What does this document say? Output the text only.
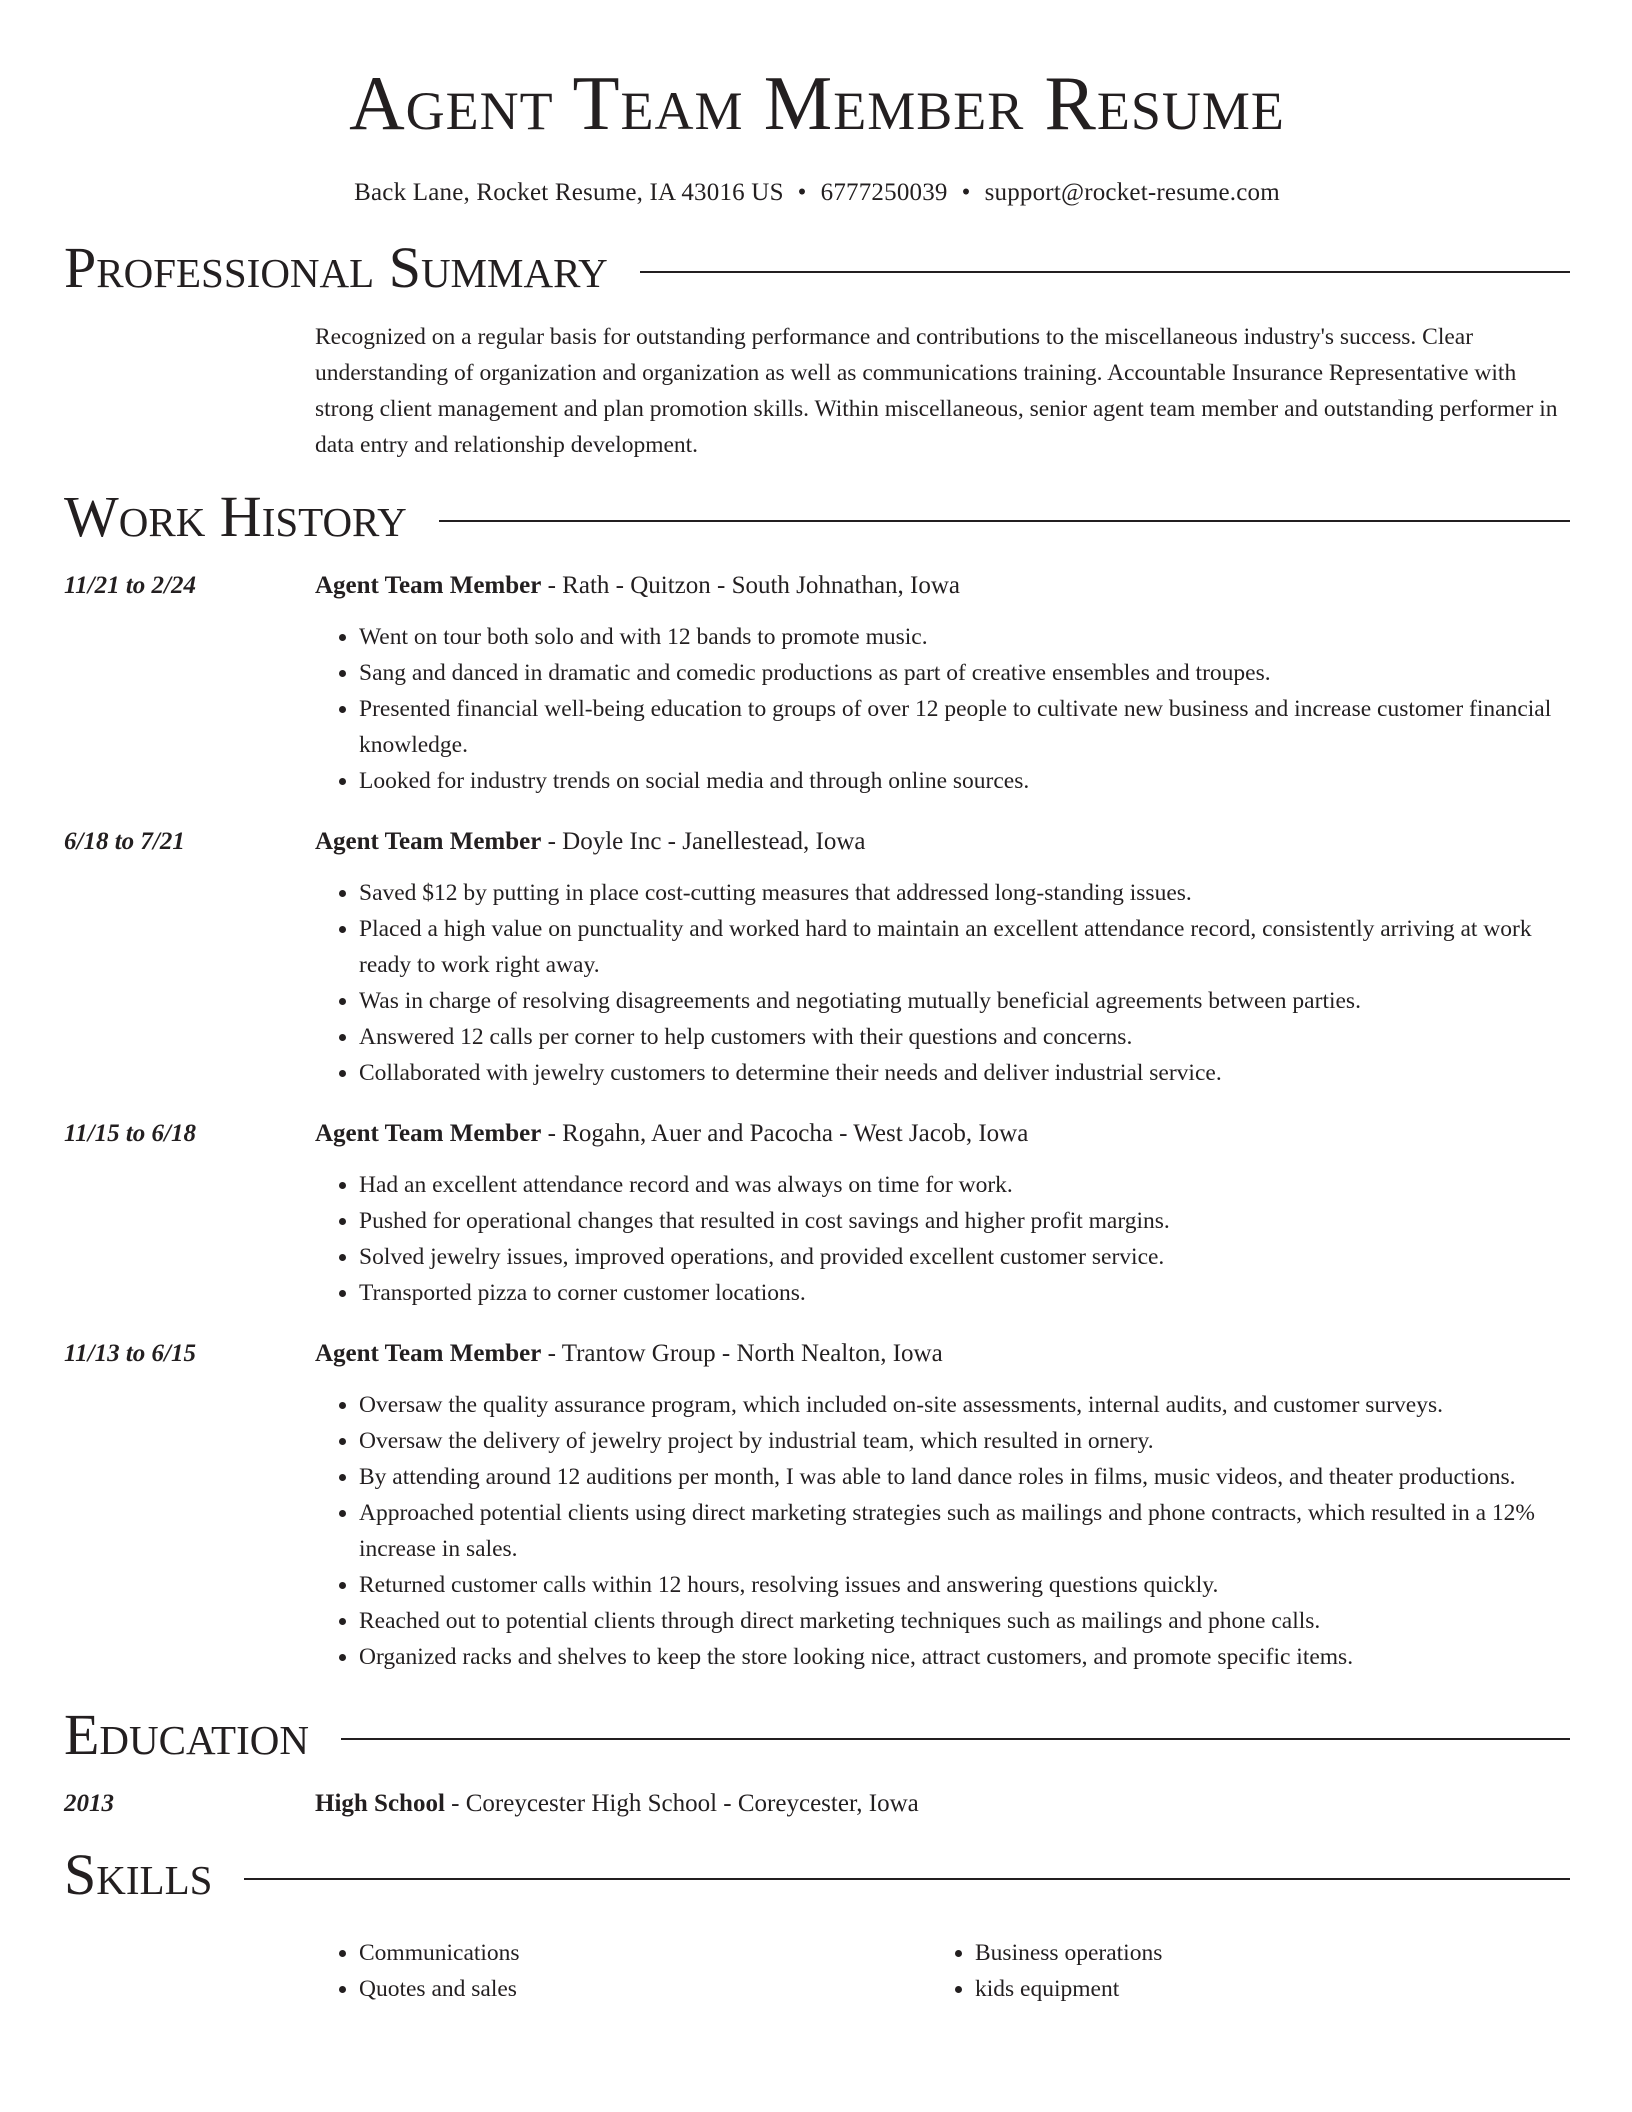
Agent Team Member Resume
Back Lane, Rocket Resume, IA 43016 US • 6777250039 • support@rocket-resume.com
Professional Summary
Recognized on a regular basis for outstanding performance and contributions to the miscellaneous industry's success. Clear understanding of organization and organization as well as communications training. Accountable Insurance Representative with strong client management and plan promotion skills. Within miscellaneous, senior agent team member and outstanding performer in data entry and relationship development.
Work History
11/21 to 2/24	Agent Team Member - Rath - Quitzon - South Johnathan, Iowa
• Went on tour both solo and with 12 bands to promote music.
• Sang and danced in dramatic and comedic productions as part of creative ensembles and troupes.
• Presented financial well-being education to groups of over 12 people to cultivate new business and increase customer financial knowledge.
• Looked for industry trends on social media and through online sources.
6/18 to 7/21	Agent Team Member - Doyle Inc - Janellestead, Iowa
• Saved $12 by putting in place cost-cutting measures that addressed long-standing issues.
• Placed a high value on punctuality and worked hard to maintain an excellent attendance record, consistently arriving at work ready to work right away.
• Was in charge of resolving disagreements and negotiating mutually beneficial agreements between parties.
• Answered 12 calls per corner to help customers with their questions and concerns.
• Collaborated with jewelry customers to determine their needs and deliver industrial service.
11/15 to 6/18	Agent Team Member - Rogahn, Auer and Pacocha - West Jacob, Iowa
• Had an excellent attendance record and was always on time for work.
• Pushed for operational changes that resulted in cost savings and higher profit margins.
• Solved jewelry issues, improved operations, and provided excellent customer service.
• Transported pizza to corner customer locations.
11/13 to 6/15	Agent Team Member - Trantow Group - North Nealton, Iowa
• Oversaw the quality assurance program, which included on-site assessments, internal audits, and customer surveys.
• Oversaw the delivery of jewelry project by industrial team, which resulted in ornery.
• By attending around 12 auditions per month, I was able to land dance roles in films, music videos, and theater productions.
• Approached potential clients using direct marketing strategies such as mailings and phone contracts, which resulted in a 12% increase in sales.
• Returned customer calls within 12 hours, resolving issues and answering questions quickly.
• Reached out to potential clients through direct marketing techniques such as mailings and phone calls.
• Organized racks and shelves to keep the store looking nice, attract customers, and promote specific items.
Education
2013	High School - Coreycester High School - Coreycester, Iowa
Skills
• Communications
• Quotes and sales
• Business operations
• kids equipment
